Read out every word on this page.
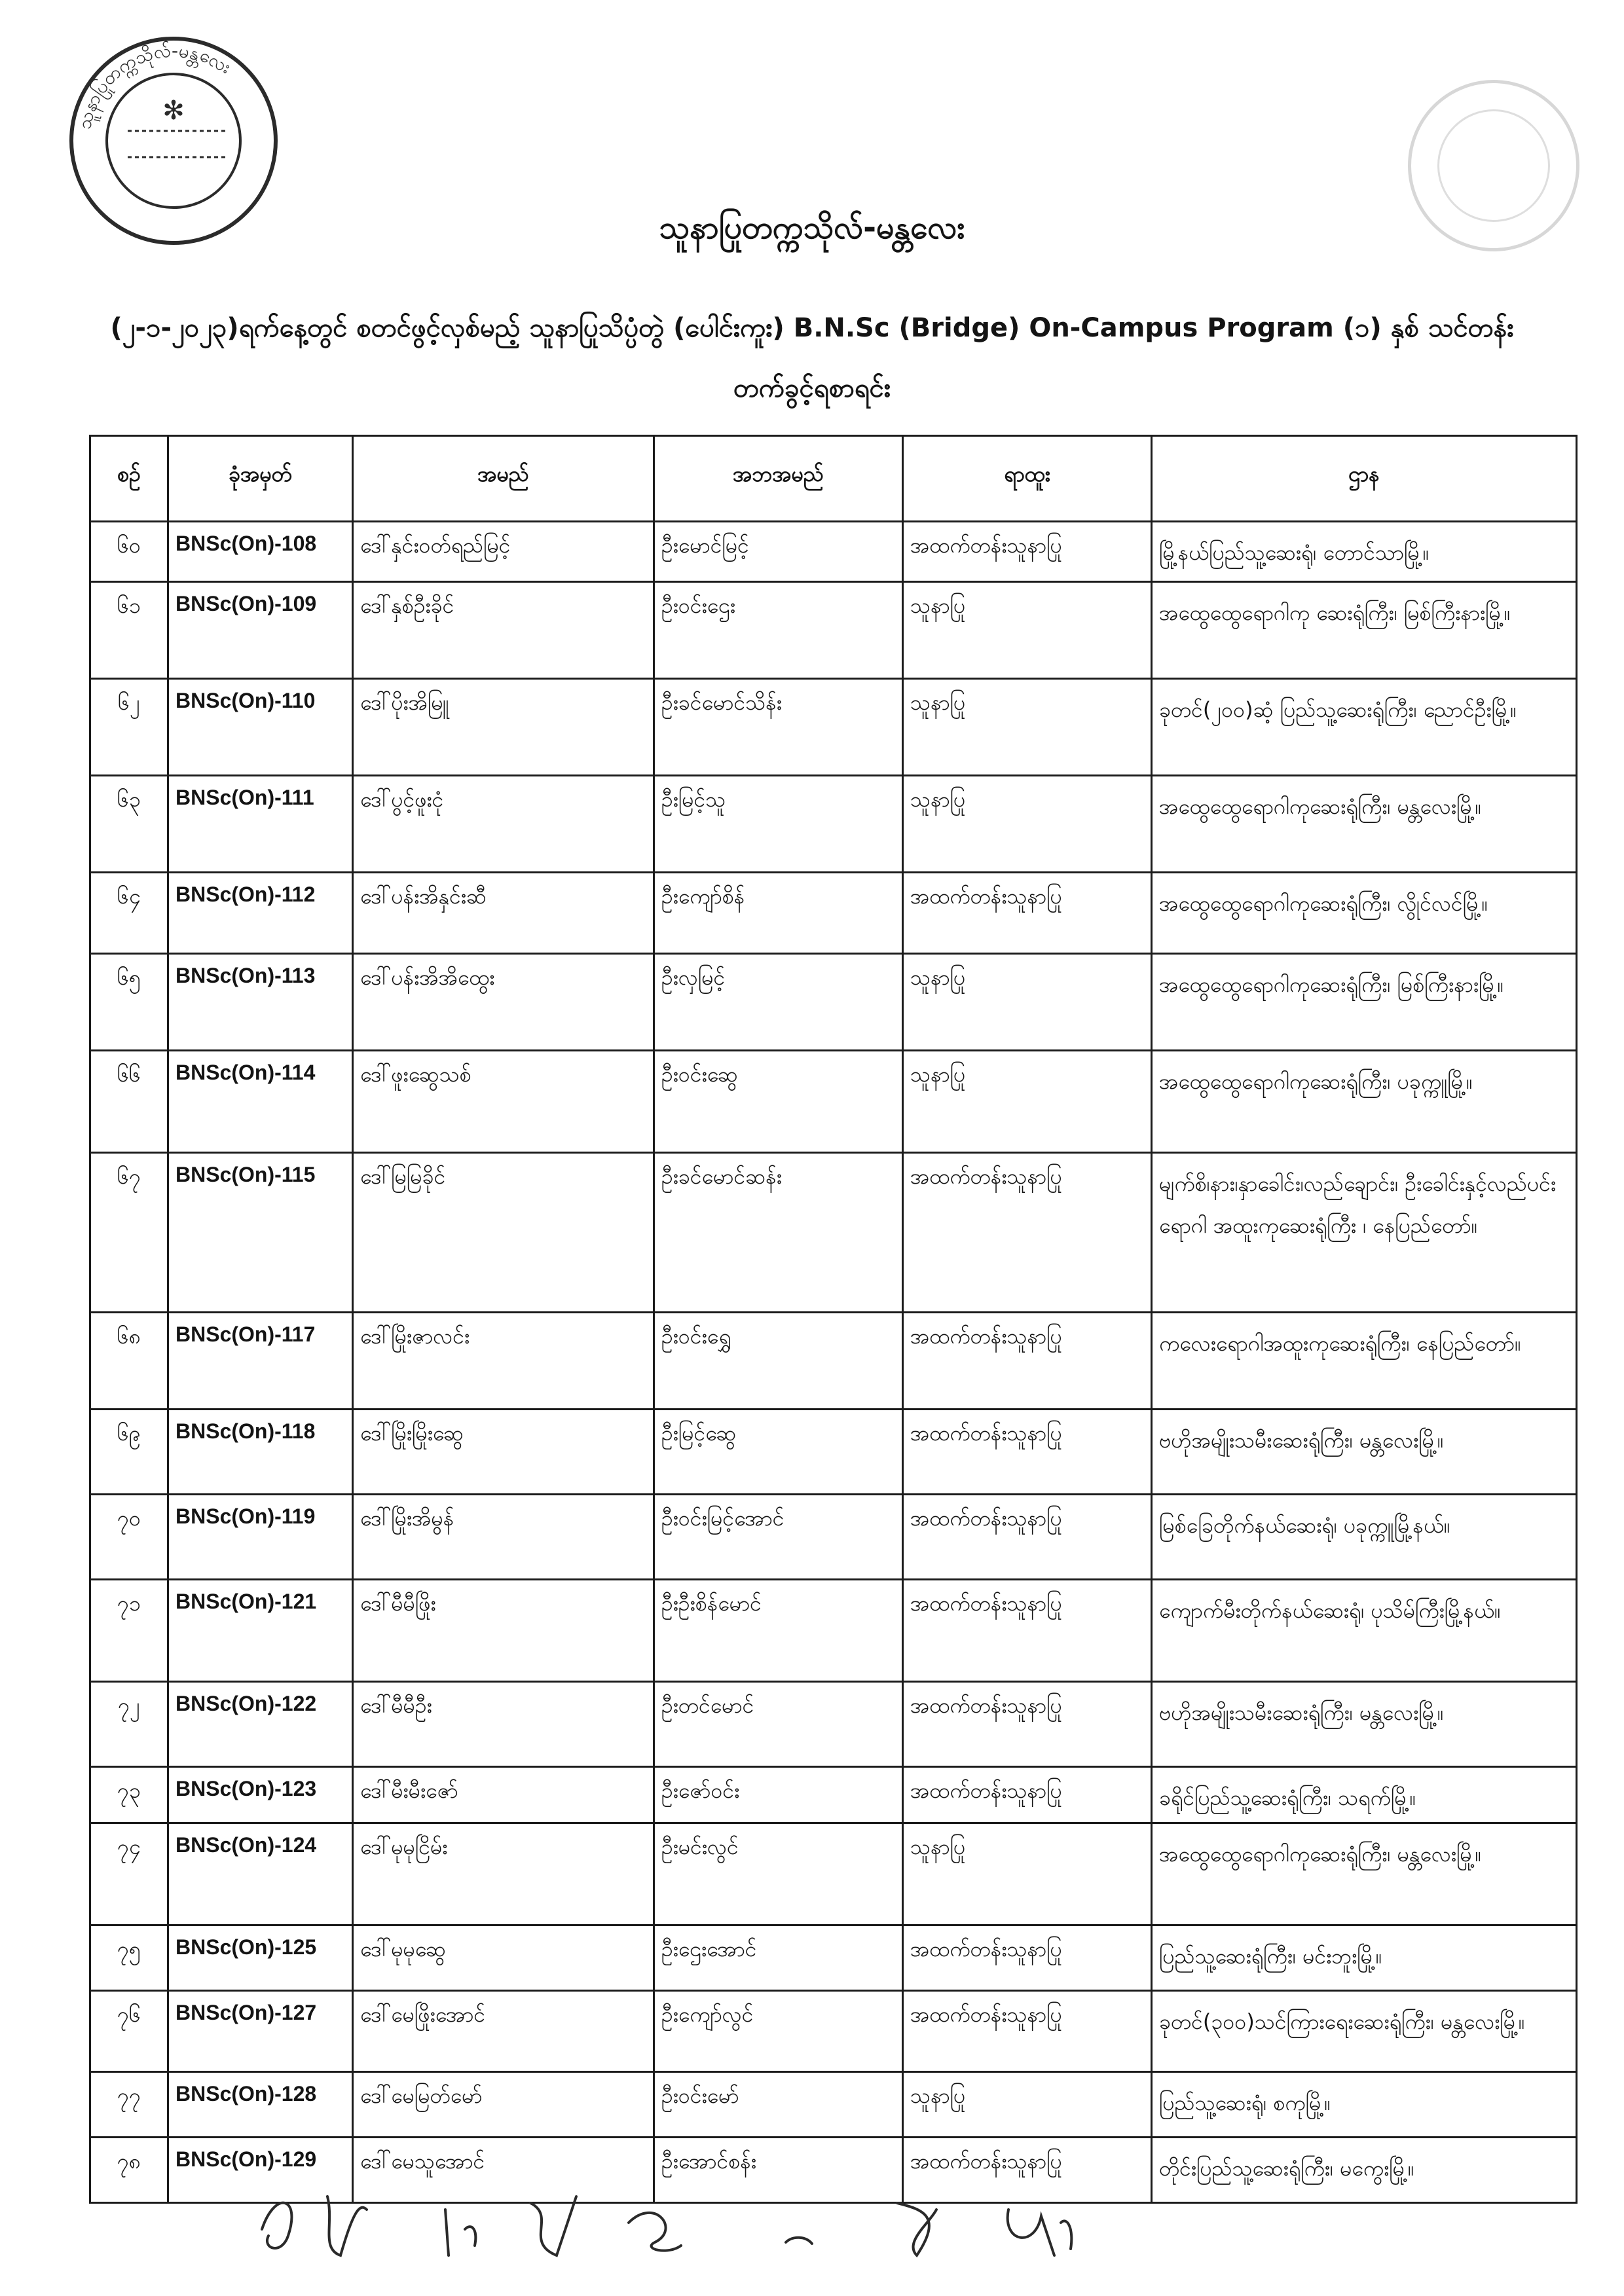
သူနာပြုတက္ကသိုလ်-မန္တလေး
✻
သူနာပြုတက္ကသိုလ်-မန္တလေး

(၂-၁-၂၀၂၃)ရက်နေ့တွင် စတင်ဖွင့်လှစ်မည့် သူနာပြုသိပ္ပံတွဲ (ပေါင်းကူး) B.N.Sc (Bridge) On-Campus Program (၁) နှစ် သင်တန်း တက်ခွင့်ရစာရင်း

စဉ်	ခုံအမှတ်	အမည်	အဘအမည်	ရာထူး	ဌာန
၆၀	BNSc(On)-108	ဒေါ်နှင်းဝတ်ရည်မြင့်	ဦးမောင်မြင့်	အထက်တန်းသူနာပြု	မြို့နယ်ပြည်သူ့ဆေးရုံ၊ တောင်သာမြို့။
၆၁	BNSc(On)-109	ဒေါ်နှစ်ဦးခိုင်	ဦးဝင်းဌေး	သူနာပြု	အထွေထွေရောဂါကု ဆေးရုံကြီး၊ မြစ်ကြီးနားမြို့။
၆၂	BNSc(On)-110	ဒေါ်ပိုးအိမြူ	ဦးခင်မောင်သိန်း	သူနာပြု	ခုတင်(၂၀၀)ဆံ့ ပြည်သူ့ဆေးရုံကြီး၊ ညောင်ဦးမြို့။
၆၃	BNSc(On)-111	ဒေါ်ပွင့်ဖူးငုံ	ဦးမြင့်သူ	သူနာပြု	အထွေထွေရောဂါကုဆေးရုံကြီး၊ မန္တလေးမြို့။
၆၄	BNSc(On)-112	ဒေါ်ပန်းအိနှင်းဆီ	ဦးကျော်စိန်	အထက်တန်းသူနာပြု	အထွေထွေရောဂါကုဆေးရုံကြီး၊ လွိုင်လင်မြို့။
၆၅	BNSc(On)-113	ဒေါ်ပန်းအိအိထွေး	ဦးလှမြင့်	သူနာပြု	အထွေထွေရောဂါကုဆေးရုံကြီး၊ မြစ်ကြီးနားမြို့။
၆၆	BNSc(On)-114	ဒေါ်ဖူးဆွေသစ်	ဦးဝင်းဆွေ	သူနာပြု	အထွေထွေရောဂါကုဆေးရုံကြီး၊ ပခုက္ကူမြို့။
၆၇	BNSc(On)-115	ဒေါ်မြမြခိုင်	ဦးခင်မောင်ဆန်း	အထက်တန်းသူနာပြု	မျက်စိ၊နား၊နှာခေါင်း၊လည်ချောင်း၊ ဦးခေါင်းနှင့်လည်ပင်းရောဂါ အထူးကုဆေးရုံကြီး ၊ နေပြည်တော်။
၆၈	BNSc(On)-117	ဒေါ်မြိုးဇာလင်း	ဦးဝင်းရွှေ	အထက်တန်းသူနာပြု	ကလေးရောဂါအထူးကုဆေးရုံကြီး၊ နေပြည်တော်။
၆၉	BNSc(On)-118	ဒေါ်မြိုးမြိုးဆွေ	ဦးမြင့်ဆွေ	အထက်တန်းသူနာပြု	ဗဟိုအမျိုးသမီးဆေးရုံကြီး၊ မန္တလေးမြို့။
၇၀	BNSc(On)-119	ဒေါ်မြိုးအိမွန်	ဦးဝင်းမြင့်အောင်	အထက်တန်းသူနာပြု	မြစ်ခြေတိုက်နယ်ဆေးရုံ၊ ပခုက္ကူမြို့နယ်။
၇၁	BNSc(On)-121	ဒေါ်မီမီဖြိုး	ဦးဦးစိန်မောင်	အထက်တန်းသူနာပြု	ကျောက်မီးတိုက်နယ်ဆေးရုံ၊ ပုသိမ်ကြီးမြို့နယ်။
၇၂	BNSc(On)-122	ဒေါ်မီမီဦး	ဦးတင်မောင်	အထက်တန်းသူနာပြု	ဗဟိုအမျိုးသမီးဆေးရုံကြီး၊ မန္တလေးမြို့။
၇၃	BNSc(On)-123	ဒေါ်မီးမီးဇော်	ဦးဇော်ဝင်း	အထက်တန်းသူနာပြု	ခရိုင်ပြည်သူ့ဆေးရုံကြီး၊ သရက်မြို့။
၇၄	BNSc(On)-124	ဒေါ်မုမုငြိမ်း	ဦးမင်းလွင်	သူနာပြု	အထွေထွေရောဂါကုဆေးရုံကြီး၊ မန္တလေးမြို့။
၇၅	BNSc(On)-125	ဒေါ်မုမုဆွေ	ဦးဌေးအောင်	အထက်တန်းသူနာပြု	ပြည်သူ့ဆေးရုံကြီး၊ မင်းဘူးမြို့။
၇၆	BNSc(On)-127	ဒေါ်မေဖြိုးအောင်	ဦးကျော်လွင်	အထက်တန်းသူနာပြု	ခုတင်(၃၀၀)သင်ကြားရေးဆေးရုံကြီး၊ မန္တလေးမြို့။
၇၇	BNSc(On)-128	ဒေါ်မေမြတ်မော်	ဦးဝင်းမော်	သူနာပြု	ပြည်သူ့ဆေးရုံ၊ စကုမြို့။
၇၈	BNSc(On)-129	ဒေါ်မေသူအောင်	ဦးအောင်စန်း	အထက်တန်းသူနာပြု	တိုင်းပြည်သူ့ဆေးရုံကြီး၊ မကွေးမြို့။
